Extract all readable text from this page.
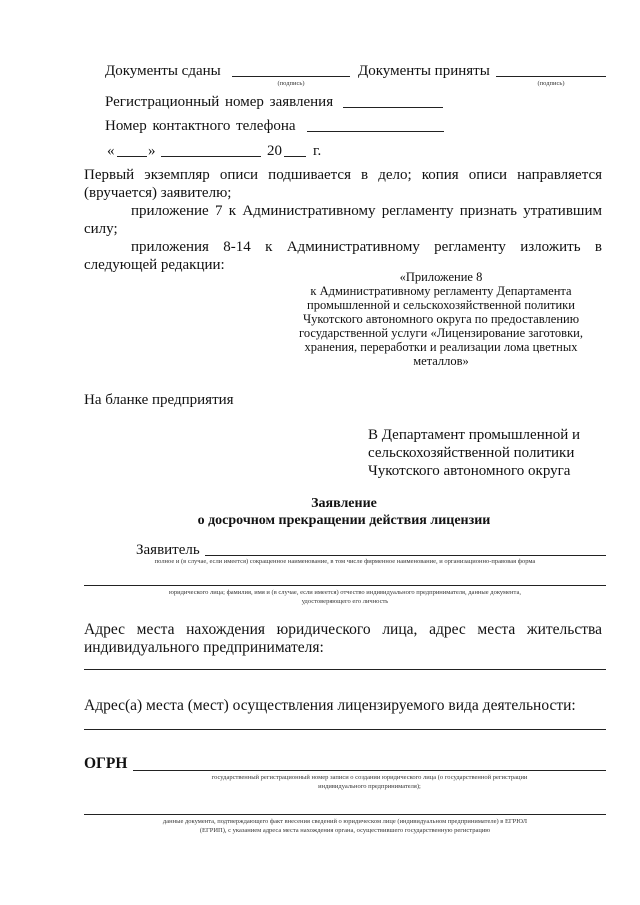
Документы сданы
(подпись)
Документы приняты
(подпись)
Регистрационный номер заявления
Номер контактного телефона
« »	20 г.
Первый экземпляр описи подшивается в дело; копия описи направляется
(вручается) заявителю;
приложение 7 к Административному регламенту признать утратившим
силу;
приложения 8-14 к Административному регламенту изложить в
следующей редакции:
«Приложение 8
к Административному регламенту Департамента
промышленной и сельскохозяйственной политики
Чукотского автономного округа по предоставлению
государственной услуги «Лицензирование заготовки,
хранения, переработки и реализации лома цветных
металлов»
На бланке предприятия
В Департамент промышленной и
сельскохозяйственной политики
Чукотского автономного округа
Заявление
о досрочном прекращении действия лицензии
Заявитель
полное и (в случае, если имеется) сокращенное наименование, в том числе фирменное наименование, и организационно-правовая форма
юридического лица; фамилия, имя и (в случае, если имеется) отчество индивидуального предпринимателя, данные документа,
удостоверяющего его личность
Адрес места нахождения юридического лица, адрес места жительства
индивидуального предпринимателя:
Адрес(а) места (мест) осуществления лицензируемого вида деятельности:
ОГРН
государственный регистрационный номер записи о создании юридического лица (о государственной регистрации
индивидуального предпринимателя);
данные документа, подтверждающего факт внесения сведений о юридическом лице (индивидуальном предпринимателе) в ЕГРЮЛ
(ЕГРИП), с указанием адреса места нахождения органа, осуществившего государственную регистрацию
